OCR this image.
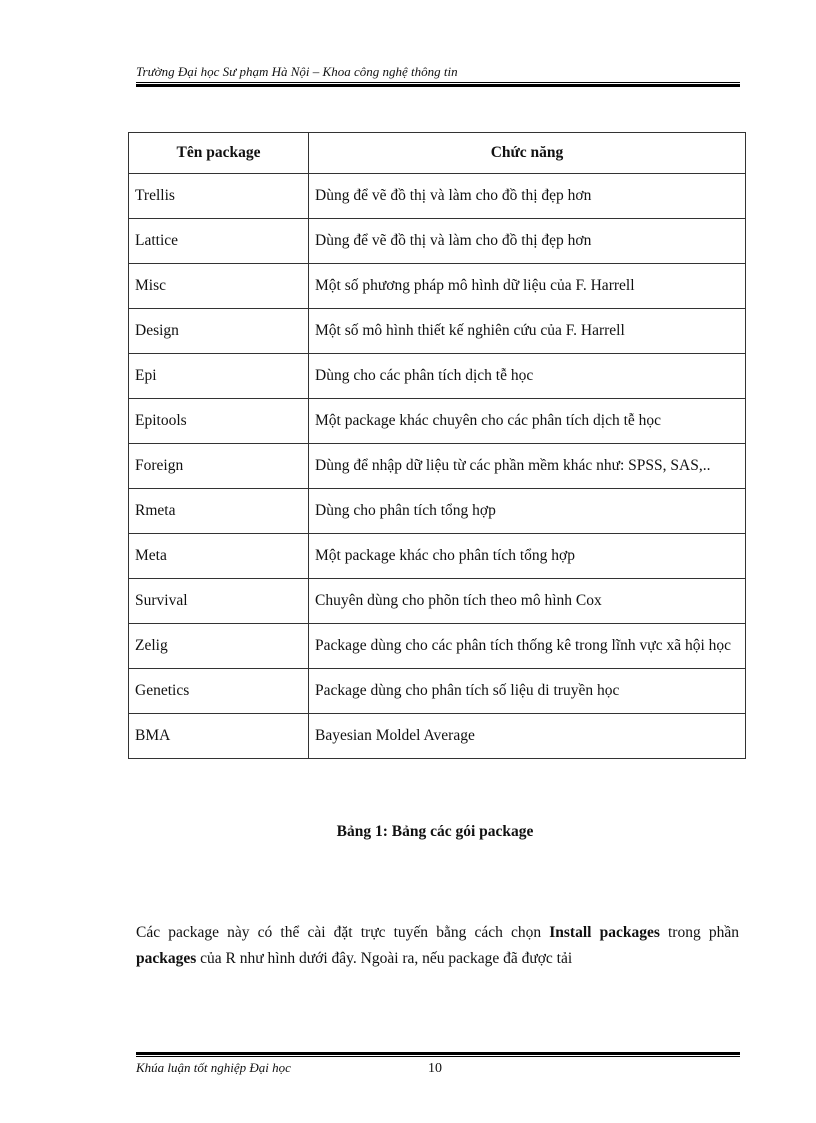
Trường Đại học Sư phạm Hà Nội – Khoa công nghệ thông tin
Tên package	Chức năng
Trellis	Dùng để vẽ đồ thị và làm cho đồ thị đẹp hơn
Lattice	Dùng để vẽ đồ thị và làm cho đồ thị đẹp hơn
Misc	Một số phương pháp mô hình dữ liệu của F. Harrell
Design	Một số mô hình thiết kế nghiên cứu của F. Harrell
Epi	Dùng cho các phân tích dịch tễ học
Epitools	Một package khác chuyên cho các phân tích dịch tễ học
Foreign	Dùng để nhập dữ liệu từ các phần mềm khác như: SPSS, SAS,..
Rmeta	Dùng cho phân tích tổng hợp
Meta	Một package khác cho phân tích tổng hợp
Survival	Chuyên dùng cho phõn tích theo mô hình Cox
Zelig	Package dùng cho các phân tích thống kê trong lĩnh vực xã hội học
Genetics	Package dùng cho phân tích số liệu di truyền học
BMA	Bayesian Moldel Average
Bảng 1: Bảng các gói package
Các package này có thể cài đặt trực tuyến bằng cách chọn Install packages trong phần packages của R như hình dưới đây. Ngoài ra, nếu package đã được tải
Khúa luận tốt nghiệp Đại học	10
